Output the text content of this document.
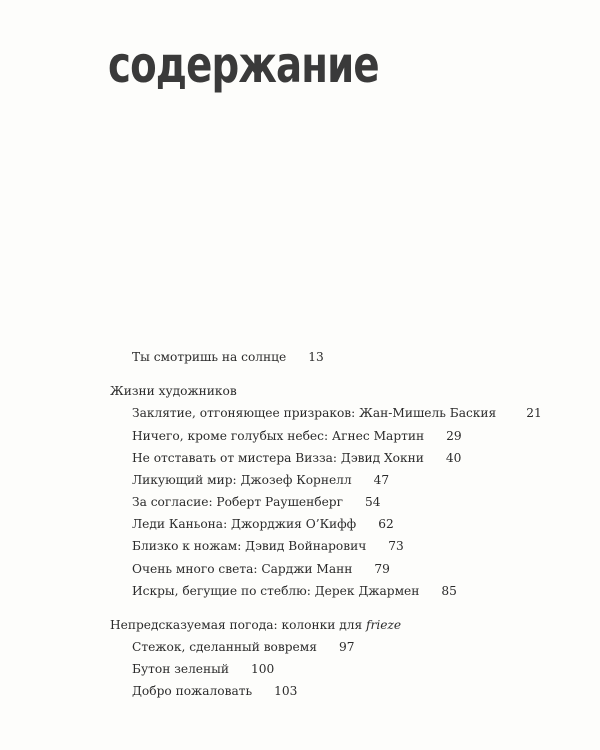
содержание
Ты смотришь на солнце 13
Жизни художников
Заклятие, отгоняющее призраков: Жан-Мишель Баския 21
Ничего, кроме голубых небес: Агнес Мартин 29
Не отставать от мистера Визза: Дэвид Хокни 40
Ликующий мир: Джозеф Корнелл 47
За согласие: Роберт Раушенберг 54
Леди Каньона: Джорджия О’Кифф 62
Близко к ножам: Дэвид Войнарович 73
Очень много света: Сарджи Манн 79
Искры, бегущие по стеблю: Дерек Джармен 85
Непредсказуемая погода: колонки для frieze
Стежок, сделанный вовремя 97
Бутон зеленый 100
Добро пожаловать 103
